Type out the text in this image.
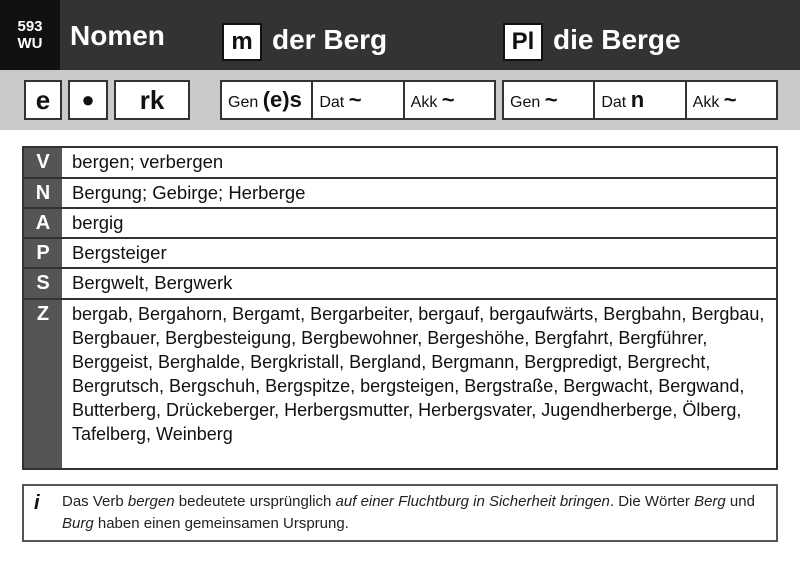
593
WU Nomen	m der Berg	Pl die Berge
e	●	rk	Gen (e)s	Dat ~	Akk ~	Gen ~	Dat n	Akk ~
V	bergen; verbergen
N	Bergung; Gebirge; Herberge
A	bergig
P	Bergsteiger
S	Bergwelt, Bergwerk
Z	bergab, Bergahorn, Bergamt, Bergarbeiter, bergauf, bergaufwärts, Bergbahn, Bergbau, Bergbauer, Bergbesteigung, Bergbewohner, Bergeshöhe, Bergfahrt, Bergführer, Berggeist, Berghalde, Bergkristall, Bergland, Bergmann, Bergpredigt, Bergrecht, Bergrutsch, Bergschuh, Bergspitze, bergsteigen, Bergstraße, Bergwacht, Bergwand, Butterberg, Drückeberger, Herbergsmutter, Herbergsvater, Jugendherberge, Ölberg, Tafelberg, Weinberg
i Das Verb bergen bedeutete ursprünglich auf einer Fluchtburg in Sicherheit bringen. Die Wörter Berg und Burg haben einen gemeinsamen Ursprung.
